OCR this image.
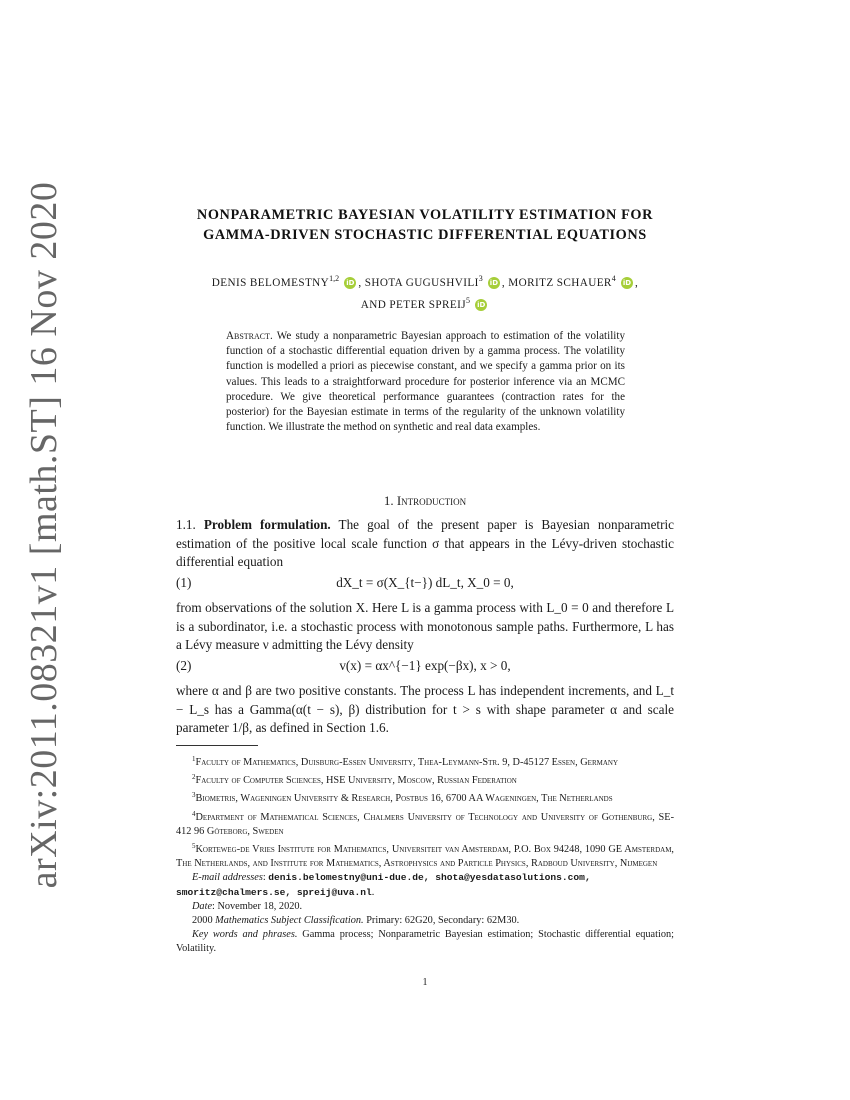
arXiv:2011.08321v1 [math.ST] 16 Nov 2020	NONPARAMETRIC BAYESIAN VOLATILITY ESTIMATION FOR
GAMMA-DRIVEN STOCHASTIC DIFFERENTIAL EQUATIONS
DENIS BELOMESTNY$^{1,2}$ iD , SHOTA GUGUSHVILI$^3$ iD , MORITZ SCHAUER$^4$ iD ,
AND PETER SPREIJ$^5$ iD
Abstract. We study a nonparametric Bayesian approach to estimation of the volatility function of a stochastic differential equation driven by a gamma process. The volatility function is modelled a priori as piecewise constant, and we specify a gamma prior on its values. This leads to a straightforward procedure for posterior inference via an MCMC procedure. We give theoretical performance guarantees (contraction rates for the posterior) for the Bayesian estimate in terms of the regularity of the unknown volatility function. We illustrate the method on synthetic and real data examples.
1. Introduction
1.1. Problem formulation. The goal of the present paper is Bayesian nonparametric estimation of the positive local scale function σ that appears in the Lévy-driven stochastic differential equation
(1)	dX_t = σ(X_{t−}) dL_t, X_0 = 0,
from observations of the solution X. Here L is a gamma process with L_0 = 0 and therefore L is a subordinator, i.e. a stochastic process with monotonous sample paths. Furthermore, L has a Lévy measure ν admitting the Lévy density
(2)	v(x) = αx^{−1} exp(−βx), x > 0,
where α and β are two positive constants. The process L has independent increments, and L_t − L_s has a Gamma(α(t − s), β) distribution for t > s with shape parameter α and scale parameter 1/β, as defined in Section 1.6.

$^1$Faculty of Mathematics, Duisburg-Essen University, Thea-Leymann-Str. 9, D-45127 Essen, Germany

$^2$Faculty of Computer Sciences, HSE University, Moscow, Russian Federation

$^3$Biometris, Wageningen University & Research, Postbus 16, 6700 AA Wageningen, The Netherlands

$^4$Department of Mathematical Sciences, Chalmers University of Technology and University of Gothenburg, SE-412 96 Göteborg, Sweden

$^5$Korteweg-de Vries Institute for Mathematics, Universiteit van Amsterdam, P.O. Box 94248, 1090 GE Amsterdam, The Netherlands, and Institute for Mathematics, Astrophysics and Particle Physics, Radboud University, Nijmegen

E-mail addresses: denis.belomestny@uni-due.de, shota@yesdatasolutions.com,
smoritz@chalmers.se, spreij@uva.nl.

Date: November 18, 2020.

2000 Mathematics Subject Classification. Primary: 62G20, Secondary: 62M30.

Key words and phrases. Gamma process; Nonparametric Bayesian estimation; Stochastic differential equation; Volatility.

1
